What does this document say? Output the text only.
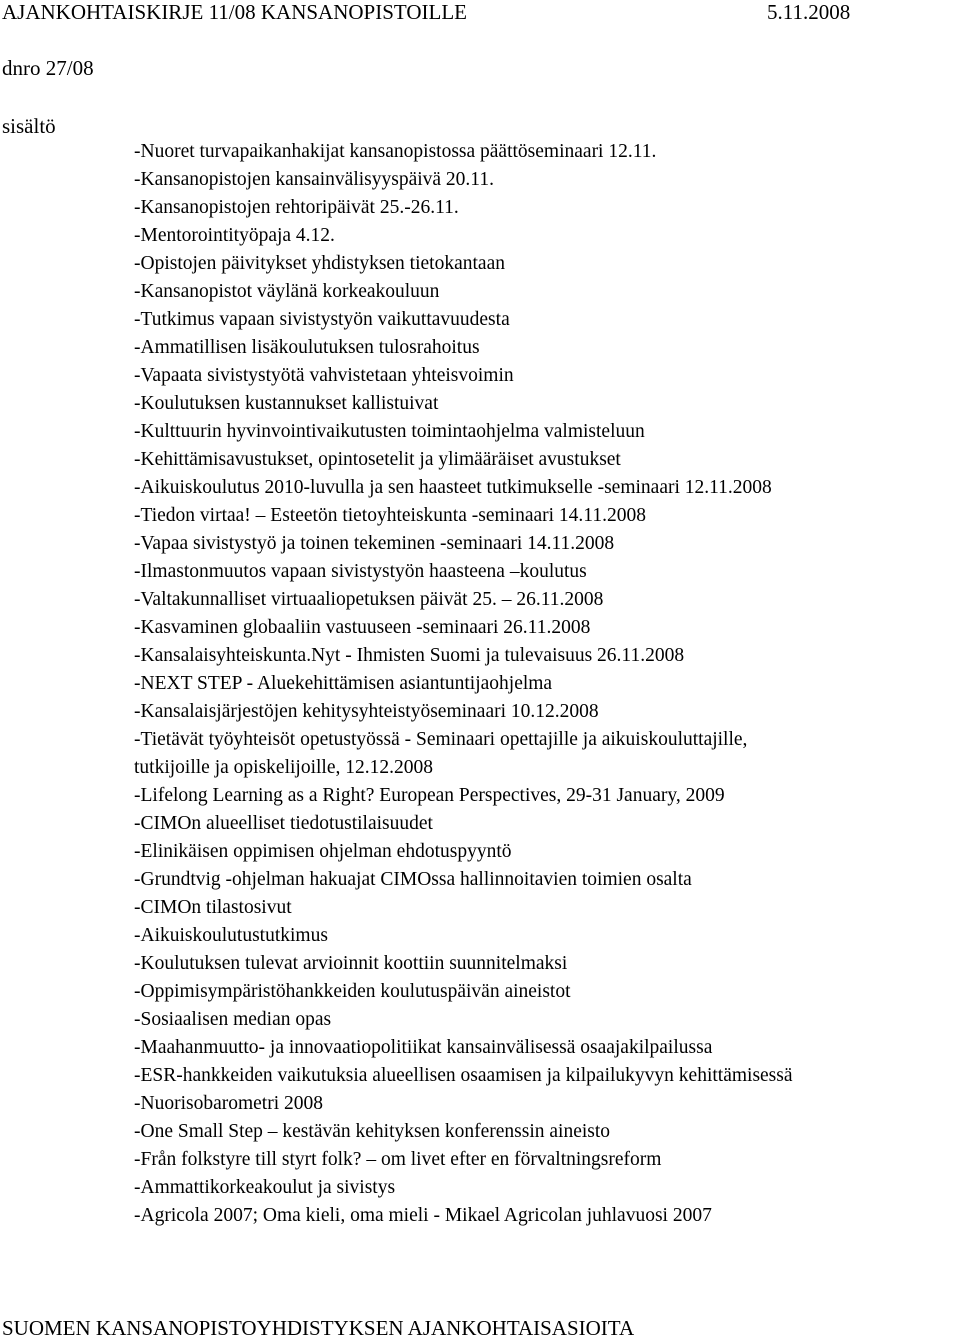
AJANKOHTAISKIRJE 11/08 KANSANOPISTOILLE	5.11.2008
dnro 27/08
sisältö
-Nuoret turvapaikanhakijat kansanopistossa päättöseminaari 12.11.
-Kansanopistojen kansainvälisyyspäivä 20.11.
-Kansanopistojen rehtoripäivät 25.-26.11.
-Mentorointityöpaja 4.12.
-Opistojen päivitykset yhdistyksen tietokantaan
-Kansanopistot väylänä korkeakouluun
-Tutkimus vapaan sivistystyön vaikuttavuudesta
-Ammatillisen lisäkoulutuksen tulosrahoitus
-Vapaata sivistystyötä vahvistetaan yhteisvoimin
-Koulutuksen kustannukset kallistuivat
-Kulttuurin hyvinvointivaikutusten toimintaohjelma valmisteluun
-Kehittämisavustukset, opintosetelit ja ylimääräiset avustukset
-Aikuiskoulutus 2010-luvulla ja sen haasteet tutkimukselle -seminaari 12.11.2008
-Tiedon virtaa! – Esteetön tietoyhteiskunta -seminaari 14.11.2008
-Vapaa sivistystyö ja toinen tekeminen -seminaari 14.11.2008
-Ilmastonmuutos vapaan sivistystyön haasteena –koulutus
-Valtakunnalliset virtuaaliopetuksen päivät 25. – 26.11.2008
-Kasvaminen globaaliin vastuuseen -seminaari 26.11.2008
-Kansalaisyhteiskunta.Nyt - Ihmisten Suomi ja tulevaisuus 26.11.2008
-NEXT STEP - Aluekehittämisen asiantuntijaohjelma
-Kansalaisjärjestöjen kehitysyhteistyöseminaari 10.12.2008
-Tietävät työyhteisöt opetustyössä - Seminaari opettajille ja aikuiskouluttajille,
tutkijoille ja opiskelijoille, 12.12.2008
-Lifelong Learning as a Right? European Perspectives, 29-31 January, 2009
-CIMOn alueelliset tiedotustilaisuudet
-Elinikäisen oppimisen ohjelman ehdotuspyyntö
-Grundtvig -ohjelman hakuajat CIMOssa hallinnoitavien toimien osalta
-CIMOn tilastosivut
-Aikuiskoulutustutkimus
-Koulutuksen tulevat arvioinnit koottiin suunnitelmaksi
-Oppimisympäristöhankkeiden koulutuspäivän aineistot
-Sosiaalisen median opas
-Maahanmuutto- ja innovaatiopolitiikat kansainvälisessä osaajakilpailussa
-ESR-hankkeiden vaikutuksia alueellisen osaamisen ja kilpailukyvyn kehittämisessä
-Nuorisobarometri 2008
-One Small Step – kestävän kehityksen konferenssin aineisto
-Från folkstyre till styrt folk? – om livet efter en förvaltningsreform
-Ammattikorkeakoulut ja sivistys
-Agricola 2007; Oma kieli, oma mieli - Mikael Agricolan juhlavuosi 2007
SUOMEN KANSANOPISTOYHDISTYKSEN AJANKOHTAISASIOITA
